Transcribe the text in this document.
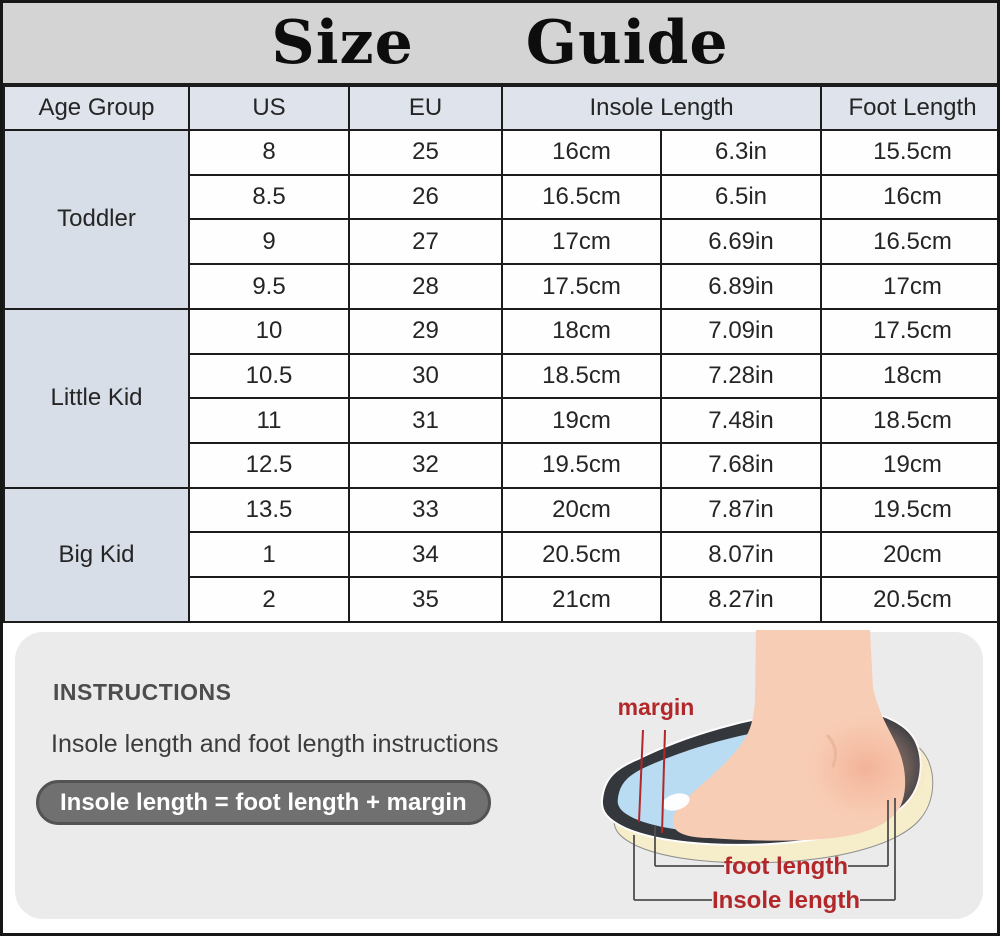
Size Guide
Age Group	US	EU	Insole Length		Foot Length
Toddler	8	25	16cm	6.3in	15.5cm
	8.5	26	16.5cm	6.5in	16cm
	9	27	17cm	6.69in	16.5cm
	9.5	28	17.5cm	6.89in	17cm
Little Kid	10	29	18cm	7.09in	17.5cm
	10.5	30	18.5cm	7.28in	18cm
	11	31	19cm	7.48in	18.5cm
	12.5	32	19.5cm	7.68in	19cm
Big Kid	13.5	33	20cm	7.87in	19.5cm
	1	34	20.5cm	8.07in	20cm
	2	35	21cm	8.27in	20.5cm
INSTRUCTIONS
Insole length and foot length instructions
Insole length = foot length + margin
margin
foot length
Insole length
